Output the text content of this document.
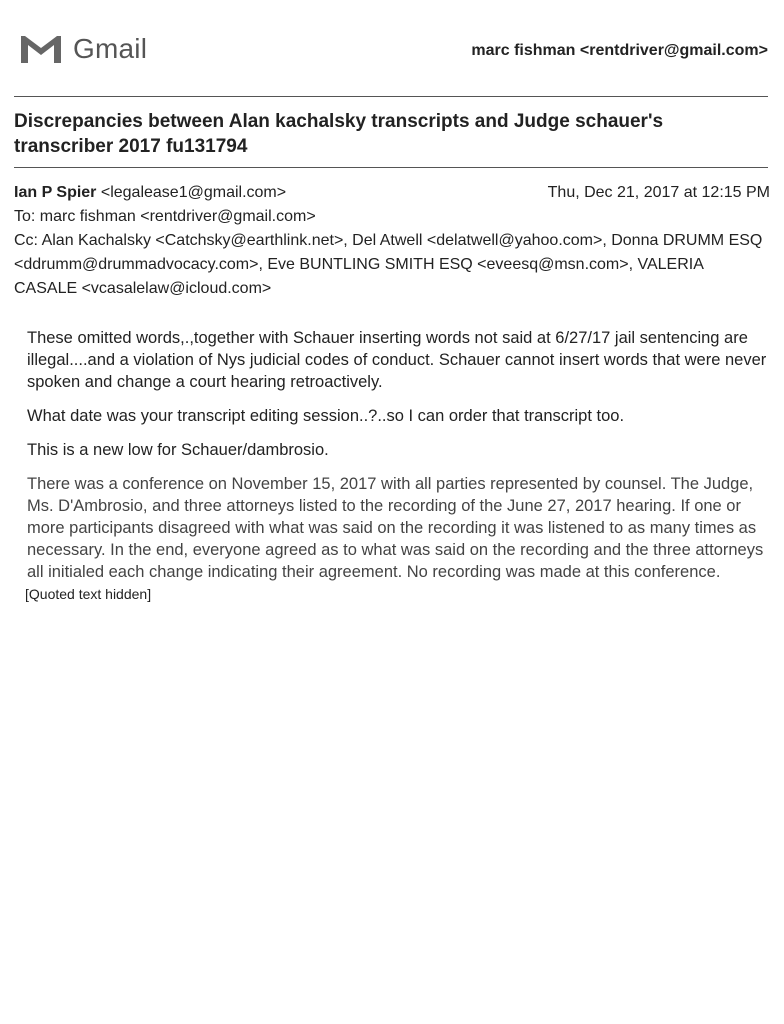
Gmail	marc fishman <rentdriver@gmail.com>
Discrepancies between Alan kachalsky transcripts and Judge schauer's transcriber 2017 fu131794
Ian P Spier <legalease1@gmail.com>	Thu, Dec 21, 2017 at 12:15 PM

To: marc fishman <rentdriver@gmail.com>

Cc: Alan Kachalsky <Catchsky@earthlink.net>, Del Atwell <delatwell@yahoo.com>, Donna DRUMM ESQ <ddrumm@drummadvocacy.com>, Eve BUNTLING SMITH ESQ <eveesq@msn.com>, VALERIA CASALE <vcasalelaw@icloud.com>

These omitted words,.,together with Schauer inserting words not said at 6/27/17 jail sentencing are illegal....and a violation of Nys judicial codes of conduct. Schauer cannot insert words that were never spoken and change a court hearing retroactively.

What date was your transcript editing session..?..so I can order that transcript too.

This is a new low for Schauer/dambrosio.

There was a conference on November 15, 2017 with all parties represented by counsel. The Judge, Ms. D'Ambrosio, and three attorneys listed to the recording of the June 27, 2017 hearing. If one or more participants disagreed with what was said on the recording it was listened to as many times as necessary. In the end, everyone agreed as to what was said on the recording and the three attorneys all initialed each change indicating their agreement. No recording was made at this conference.

[Quoted text hidden]
